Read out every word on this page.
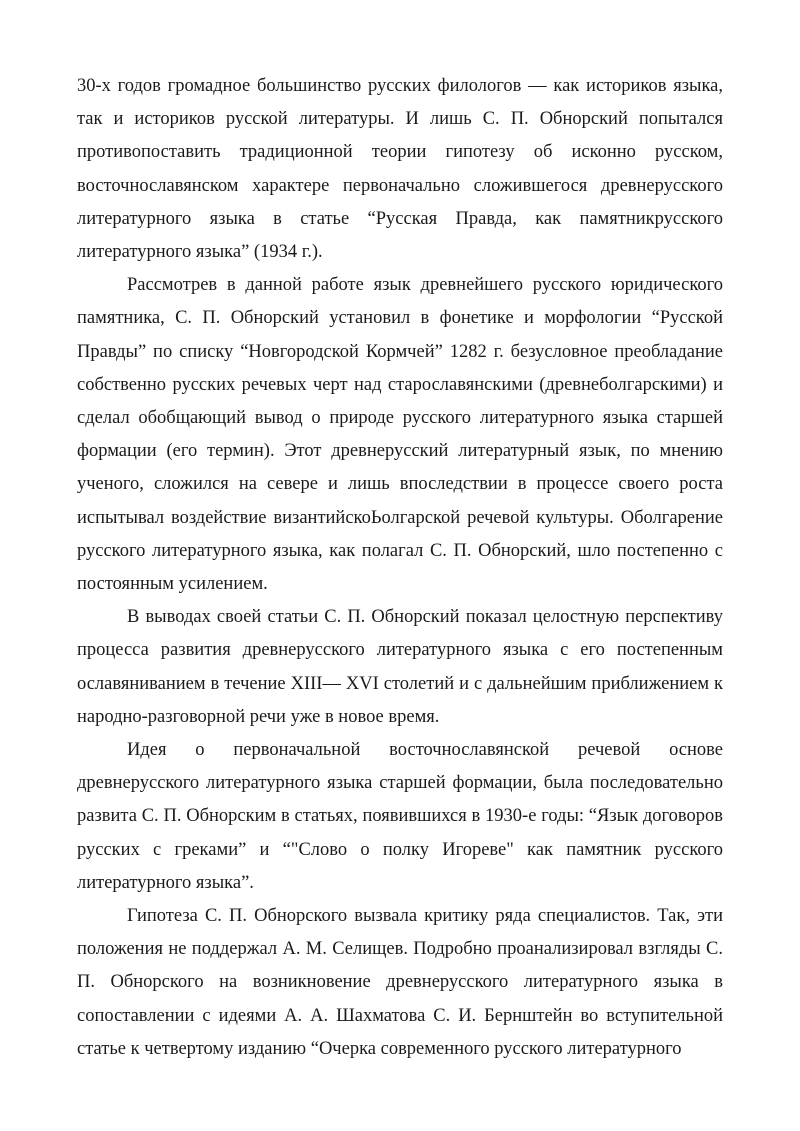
30-х годов громадное большинство русских филологов — как историков языка, так и историков русской литературы. И лишь С. П. Обнорский попытался противопоставить традиционной теории гипотезу об исконно русском, восточнославянском характере первоначально сложившегося древнерусского литературного языка в статье “Русская Правда, как памятникрусского литературного языка” (1934 г.).

Рассмотрев в данной работе язык древнейшего русского юридического памятника, С. П. Обнорский установил в фонетике и морфологии “Русской Правды” по списку “Новгородской Кормчей” 1282 г. безусловное преобладание собственно русских речевых черт над старославянскими (древнеболгарскими) и сделал обобщающий вывод о природе русского литературного языка старшей формации (его термин). Этот древнерусский литературный язык, по мнению ученого, сложился на севере и лишь впоследствии в процессе своего роста испытывал воздействие византийскоЬолгарской речевой культуры. Оболгарение русского литературного языка, как полагал С. П. Обнорский, шло постепенно с постоянным усилением.

В выводах своей статьи С. П. Обнорский показал целостную перспективу процесса развития древнерусского литературного языка с его постепенным ославяниванием в течение XIII— XVI столетий и с дальнейшим приближением к народно-разговорной речи уже в новое время.

Идея о первоначальной восточнославянской речевой основе древнерусского литературного языка старшей формации, была последовательно развита С. П. Обнорским в статьях, появившихся в 1930-е годы: “Язык договоров русских с греками” и “"Слово о полку Игореве" как памятник русского литературного языка”.

Гипотеза С. П. Обнорского вызвала критику ряда специалистов. Так, эти положения не поддержал А. М. Селищев. Подробно проанализировал взгляды С. П. Обнорского на возникновение древнерусского литературного языка в сопоставлении с идеями А. А. Шахматова С. И. Бернштейн во вступительной статье к четвертому изданию “Очерка современного русского литературного
